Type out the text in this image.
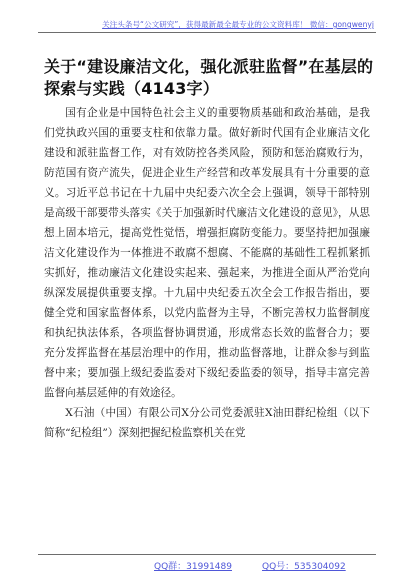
关注头条号“公文研究”，获得最新最全最专业的公文资料库！ 微信：gongwenyj
关于“建设廉洁文化，强化派驻监督”在基层的探索与实践（4143字）

国有企业是中国特色社会主义的重要物质基础和政治基础，是我们党执政兴国的重要支柱和依靠力量。做好新时代国有企业廉洁文化建设和派驻监督工作，对有效防控各类风险，预防和惩治腐败行为，防范国有资产流失，促进企业生产经营和改革发展具有十分重要的意义。习近平总书记在十九届中央纪委六次全会上强调，领导干部特别是高级干部要带头落实《关于加强新时代廉洁文化建设的意见》，从思想上固本培元，提高党性觉悟，增强拒腐防变能力。要坚持把加强廉洁文化建设作为一体推进不敢腐不想腐、不能腐的基础性工程抓紧抓实抓好，推动廉洁文化建设实起来、强起来，为推进全面从严治党向纵深发展提供重要支撑。十九届中央纪委五次全会工作报告指出，要健全党和国家监督体系，以党内监督为主导，不断完善权力监督制度和执纪执法体系，各项监督协调贯通，形成常态长效的监督合力；要充分发挥监督在基层治理中的作用，推动监督落地，让群众参与到监督中来；要加强上级纪委监委对下级纪委监委的领导，指导丰富完善监督向基层延伸的有效途径。

X石油（中国）有限公司X分公司党委派驻X油田群纪检组（以下简称“纪检组”）深刻把握纪检监察机关在党

QQ群：31991489	QQ号：535304092
